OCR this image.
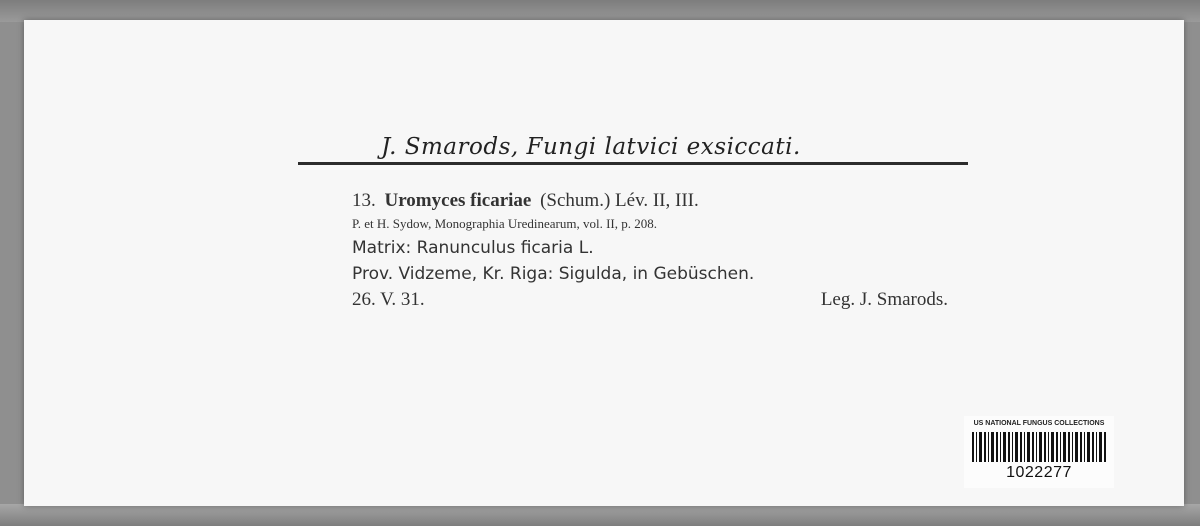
J. Smarods, Fungi latvici exsiccati.
13. Uromyces ficariae (Schum.) Lév. II, III.
P. et H. Sydow, Monographia Uredinearum, vol. II, p. 208.
Matrix: Ranunculus ficaria L.
Prov. Vidzeme, Kr. Riga: Sigulda, in Gebüschen.
26. V. 31.	Leg. J. Smarods.
US NATIONAL FUNGUS COLLECTIONS
1022277
